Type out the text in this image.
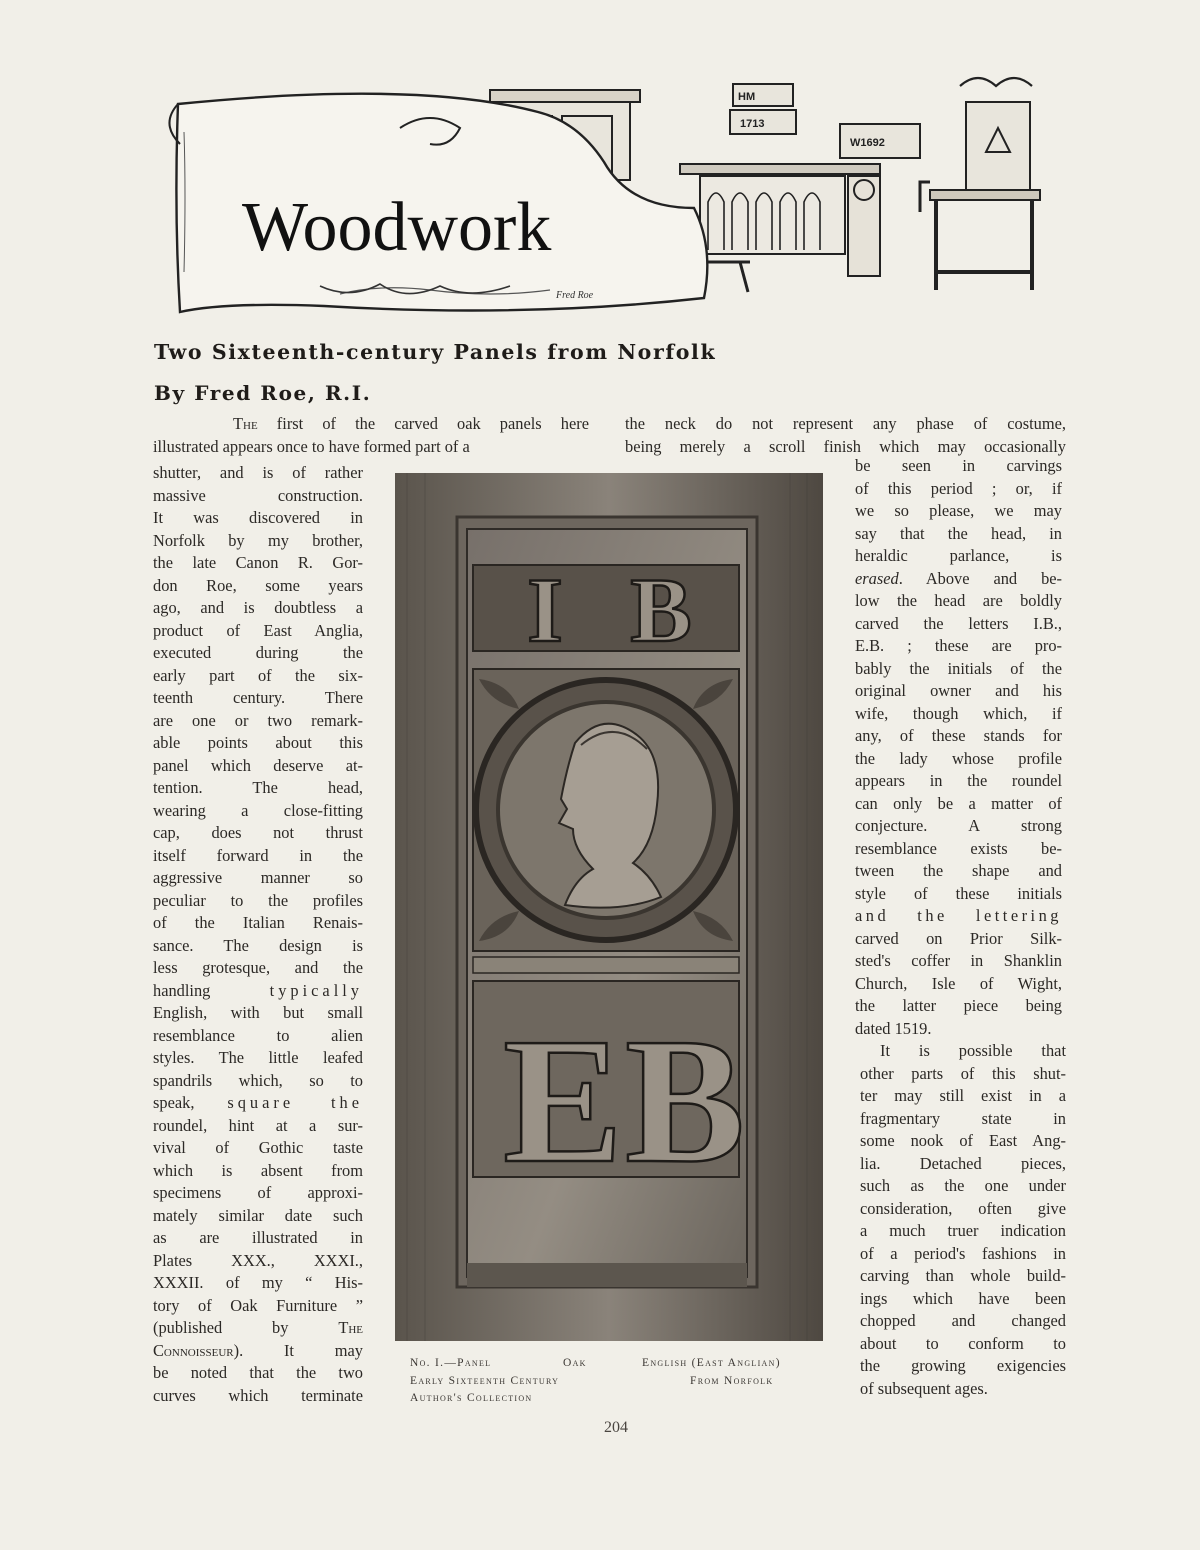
HM
1713
W1692
Woodwork
Fred Roe
Two Sixteenth-century Panels from Norfolk
By Fred Roe, R.I.
The first of the carved oak panels here
illustrated appears once to have formed part of a
the neck do not represent any phase of costume,
being merely a scroll finish which may occasionally
shutter, and is of rather
massive construction.
It was discovered in
Norfolk by my brother,
the late Canon R. Gor-
don Roe, some years
ago, and is doubtless a
product of East Anglia,
executed during the
early part of the six-
teenth century. There
are one or two remark-
able points about this
panel which deserve at-
tention. The head,
wearing a close-fitting
cap, does not thrust
itself forward in the
aggressive manner so
peculiar to the profiles
of the Italian Renais-
sance. The design is
less grotesque, and the
handling typically
English, with but small
resemblance to alien
styles. The little leafed
spandrils which, so to
speak, square the
roundel, hint at a sur-
vival of Gothic taste
which is absent from
specimens of approxi-
mately similar date such
as are illustrated in
Plates XXX., XXXI.,
XXXII. of my “ His-
tory of Oak Furniture ”
(published by The
Connoisseur). It may
be noted that the two
curves which terminate
be seen in carvings
of this period ; or, if
we so please, we may
say that the head, in
heraldic parlance, is
erased. Above and be-
low the head are boldly
carved the letters I.B.,
E.B. ; these are pro-
bably the initials of the
original owner and his
wife, though which, if
any, of these stands for
the lady whose profile
appears in the roundel
can only be a matter of
conjecture. A strong
resemblance exists be-
tween the shape and
style of these initials
and the lettering
carved on Prior Silk-
sted's coffer in Shanklin
Church, Isle of Wight,
the latter piece being
dated 1519.
It is possible that
other parts of this shut-
ter may still exist in a
fragmentary state in
some nook of East Ang-
lia. Detached pieces,
such as the one under
consideration, often give
a much truer indication
of a period's fashions in
carving than whole build-
ings which have been
chopped and changed
about to conform to
the growing exigencies
of subsequent ages.
I B
E B
No. I.—Panel	Oak
Early Sixteenth Century
Author's Collection
English (East Anglian)
From Norfolk
204
